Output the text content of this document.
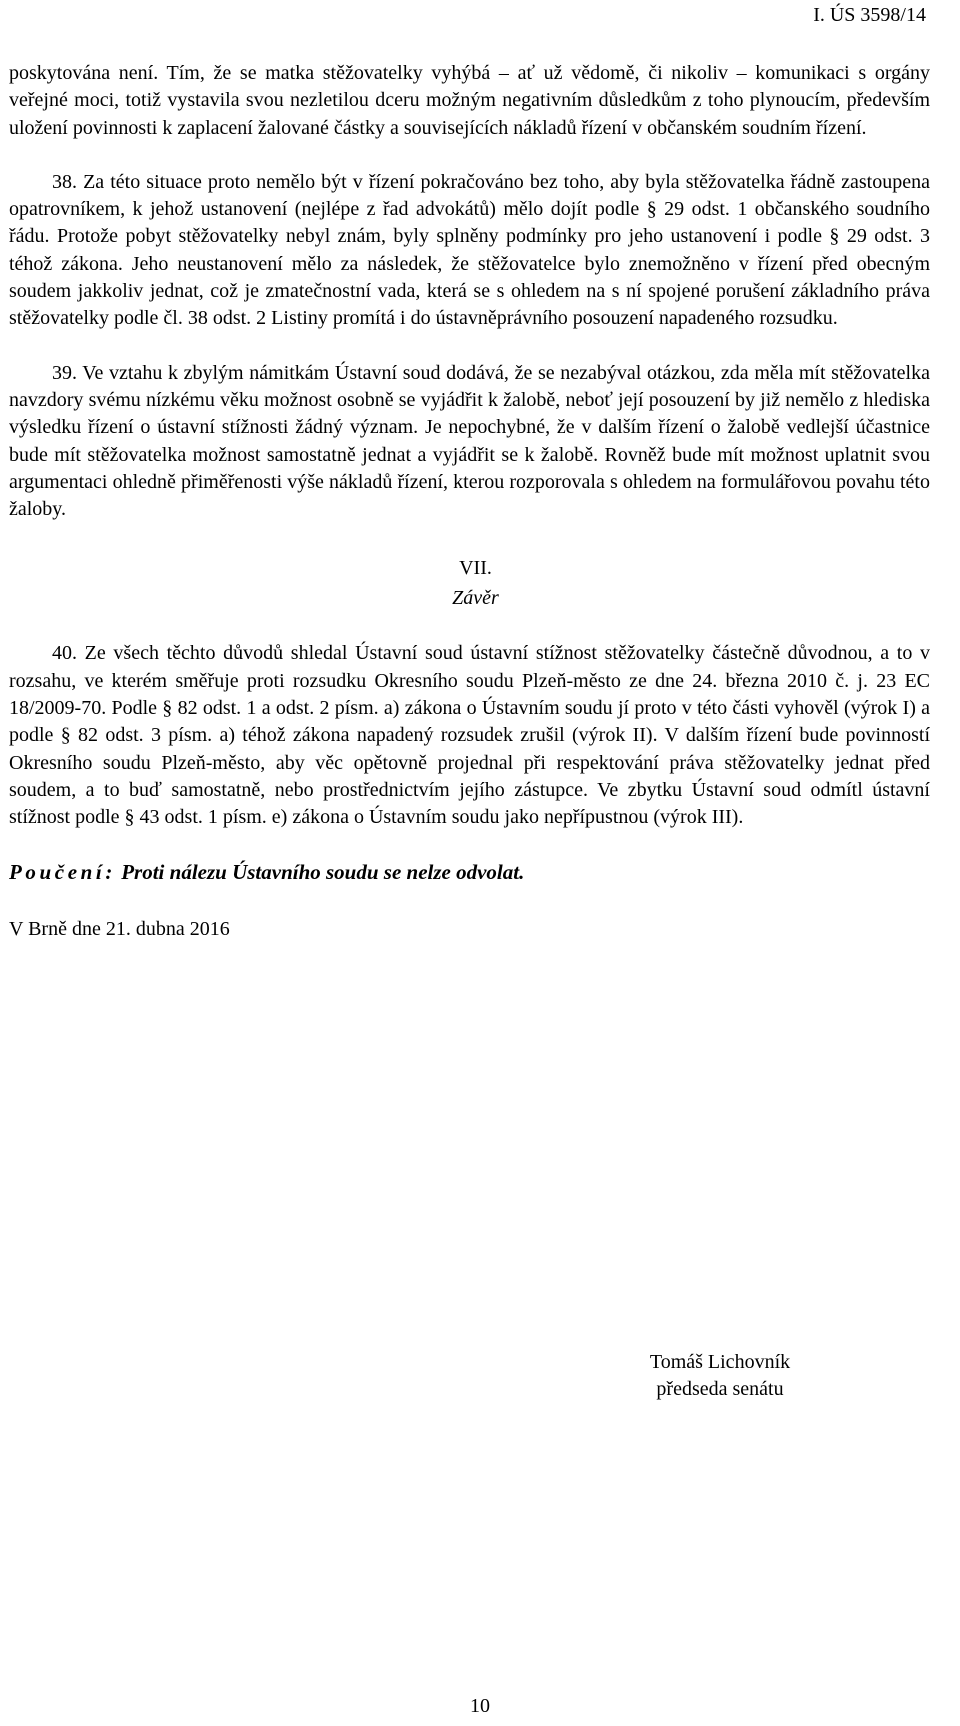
I. ÚS 3598/14

poskytována není. Tím, že se matka stěžovatelky vyhýbá – ať už vědomě, či nikoliv – komunikaci s orgány veřejné moci, totiž vystavila svou nezletilou dceru možným negativním důsledkům z toho plynoucím, především uložení povinnosti k zaplacení žalované částky a souvisejících nákladů řízení v občanském soudním řízení.

38. Za této situace proto nemělo být v řízení pokračováno bez toho, aby byla stěžovatelka řádně zastoupena opatrovníkem, k jehož ustanovení (nejlépe z řad advokátů) mělo dojít podle § 29 odst. 1 občanského soudního řádu. Protože pobyt stěžovatelky nebyl znám, byly splněny podmínky pro jeho ustanovení i podle § 29 odst. 3 téhož zákona. Jeho neustanovení mělo za následek, že stěžovatelce bylo znemožněno v řízení před obecným soudem jakkoliv jednat, což je zmatečnostní vada, která se s ohledem na s ní spojené porušení základního práva stěžovatelky podle čl. 38 odst. 2 Listiny promítá i do ústavněprávního posouzení napadeného rozsudku.

39. Ve vztahu k zbylým námitkám Ústavní soud dodává, že se nezabýval otázkou, zda měla mít stěžovatelka navzdory svému nízkému věku možnost osobně se vyjádřit k žalobě, neboť její posouzení by již nemělo z hlediska výsledku řízení o ústavní stížnosti žádný význam. Je nepochybné, že v dalším řízení o žalobě vedlejší účastnice bude mít stěžovatelka možnost samostatně jednat a vyjádřit se k žalobě. Rovněž bude mít možnost uplatnit svou argumentaci ohledně přiměřenosti výše nákladů řízení, kterou rozporovala s ohledem na formulářovou povahu této žaloby.

VII.
Závěr

40. Ze všech těchto důvodů shledal Ústavní soud ústavní stížnost stěžovatelky částečně důvodnou, a to v rozsahu, ve kterém směřuje proti rozsudku Okresního soudu Plzeň-město ze dne 24. března 2010 č. j. 23 EC 18/2009-70. Podle § 82 odst. 1 a odst. 2 písm. a) zákona o Ústavním soudu jí proto v této části vyhověl (výrok I) a podle § 82 odst. 3 písm. a) téhož zákona napadený rozsudek zrušil (výrok II). V dalším řízení bude povinností Okresního soudu Plzeň-město, aby věc opětovně projednal při respektování práva stěžovatelky jednat před soudem, a to buď samostatně, nebo prostřednictvím jejího zástupce. Ve zbytku Ústavní soud odmítl ústavní stížnost podle § 43 odst. 1 písm. e) zákona o Ústavním soudu jako nepřípustnou (výrok III).

Poučení: Proti nálezu Ústavního soudu se nelze odvolat.

V Brně dne 21. dubna 2016

Tomáš Lichovník
předseda senátu
10
